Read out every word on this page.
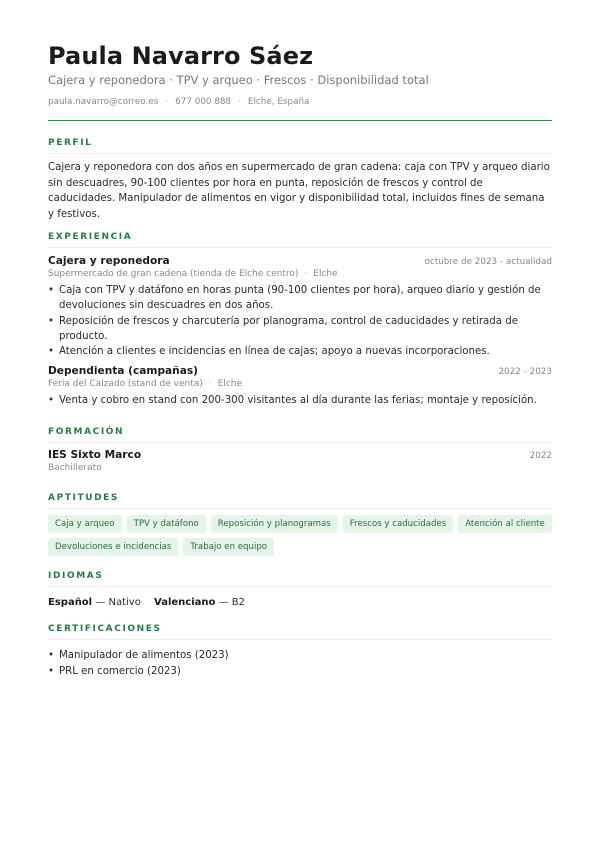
Paula Navarro Sáez
Cajera y reponedora · TPV y arqueo · Frescos · Disponibilidad total
paula.navarro@correo.es · 677 000 888 · Elche, España
PERFIL
Cajera y reponedora con dos años en supermercado de gran cadena: caja con TPV y arqueo diario sin descuadres, 90-100 clientes por hora en punta, reposición de frescos y control de caducidades. Manipulador de alimentos en vigor y disponibilidad total, incluidos fines de semana y festivos.
EXPERIENCIA
Cajera y reponedora	octubre de 2023 - actualidad
Supermercado de gran cadena (tienda de Elche centro) · Elche
• Caja con TPV y datáfono en horas punta (90-100 clientes por hora), arqueo diario y gestión de devoluciones sin descuadres en dos años.
• Reposición de frescos y charcutería por planograma, control de caducidades y retirada de producto.
• Atención a clientes e incidencias en línea de cajas; apoyo a nuevas incorporaciones.
Dependienta (campañas)	2022 - 2023
Feria del Calzado (stand de venta) · Elche
• Venta y cobro en stand con 200-300 visitantes al día durante las ferias; montaje y reposición.
FORMACIÓN
IES Sixto Marco	2022
Bachillerato
APTITUDES
Caja y arqueo	TPV y datáfono	Reposición y planogramas	Frescos y caducidades	Atención al cliente
Devoluciones e incidencias	Trabajo en equipo
IDIOMAS
Español — Nativo Valenciano — B2
CERTIFICACIONES
• Manipulador de alimentos (2023)
• PRL en comercio (2023)
